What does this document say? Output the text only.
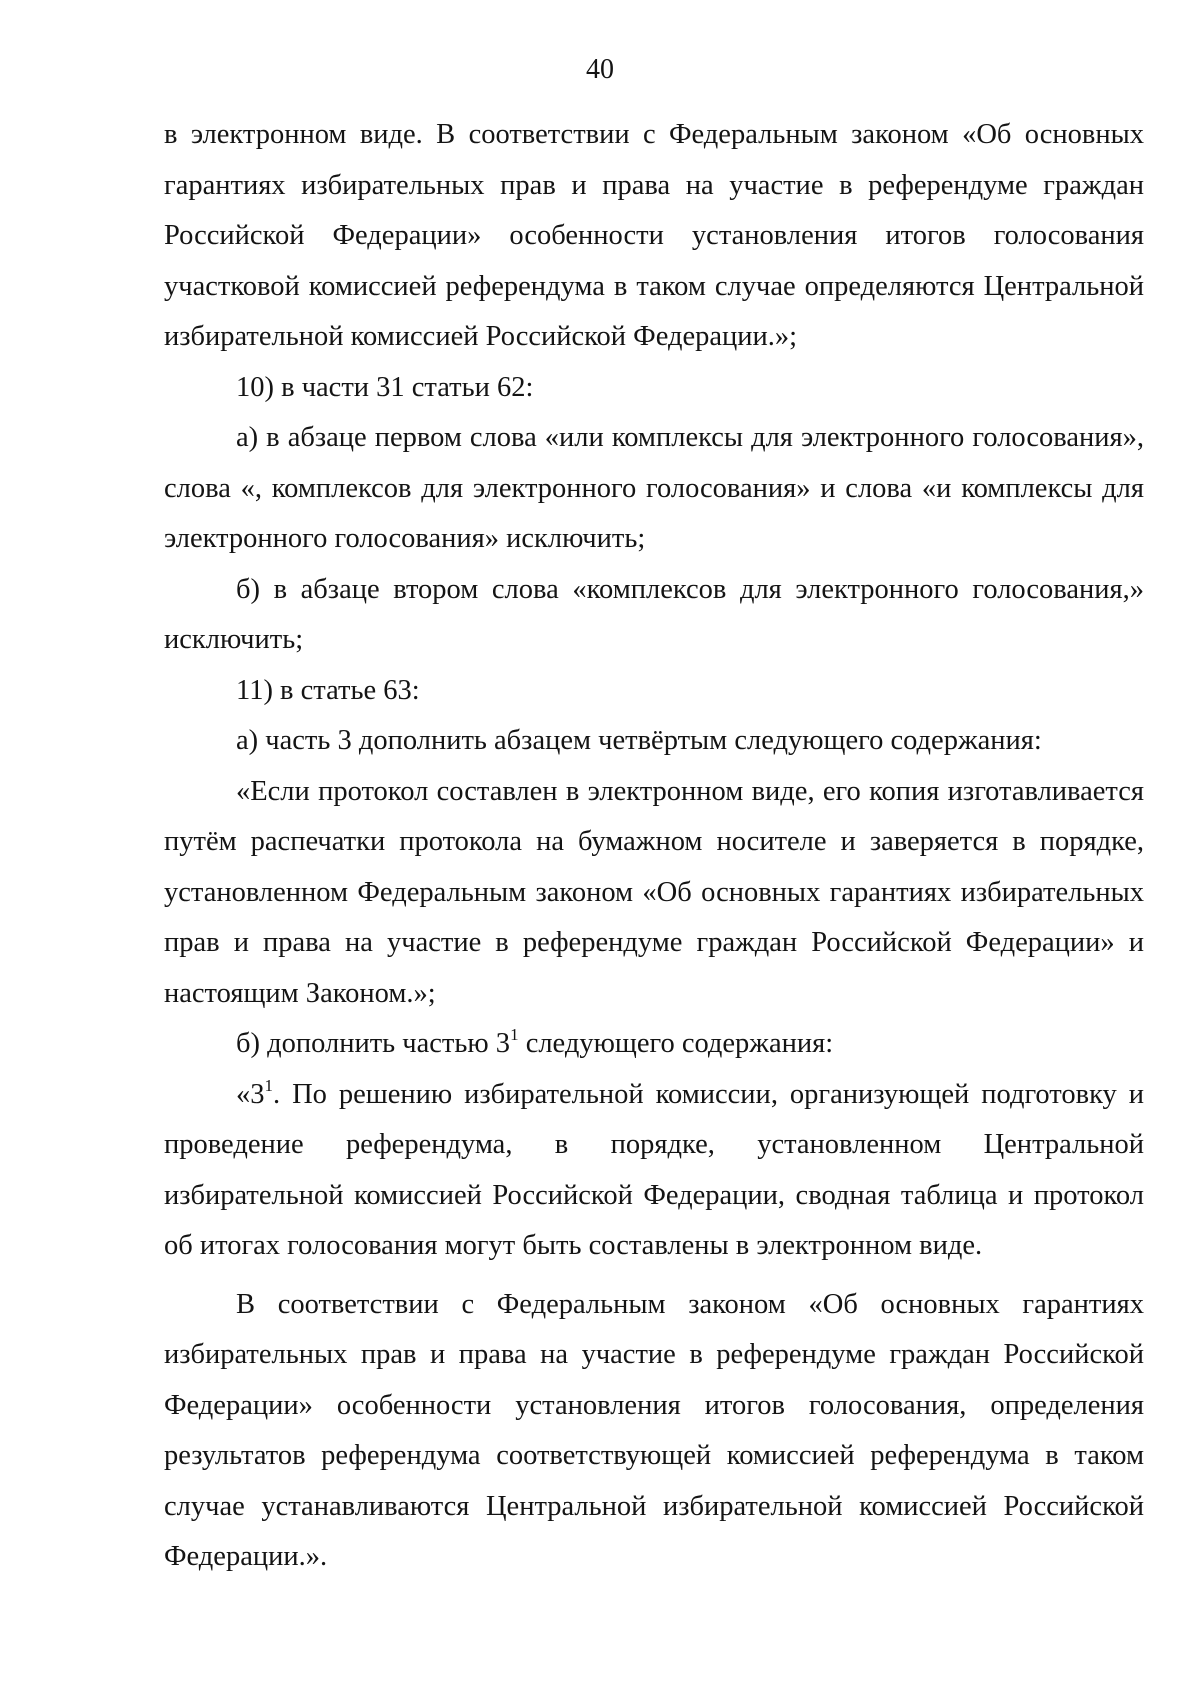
40

в электронном виде. В соответствии с Федеральным законом «Об основных гарантиях избирательных прав и права на участие в референдуме граждан Российской Федерации» особенности установления итогов голосования участковой комиссией референдума в таком случае определяются Центральной избирательной комиссией Российской Федерации.»;

10) в части 31 статьи 62:

а) в абзаце первом слова «или комплексы для электронного голосования», слова «, комплексов для электронного голосования» и слова «и комплексы для электронного голосования» исключить;

б) в абзаце втором слова «комплексов для электронного голосования,» исключить;

11) в статье 63:

а) часть 3 дополнить абзацем четвёртым следующего содержания:

«Если протокол составлен в электронном виде, его копия изготавливается путём распечатки протокола на бумажном носителе и заверяется в порядке, установленном Федеральным законом «Об основных гарантиях избирательных прав и права на участие в референдуме граждан Российской Федерации» и настоящим Законом.»;

б) дополнить частью $3^1$ следующего содержания:

«$3^1$. По решению избирательной комиссии, организующей подготовку и проведение референдума, в порядке, установленном Центральной избирательной комиссией Российской Федерации, сводная таблица и протокол об итогах голосования могут быть составлены в электронном виде.

В соответствии с Федеральным законом «Об основных гарантиях избирательных прав и права на участие в референдуме граждан Российской Федерации» особенности установления итогов голосования, определения результатов референдума соответствующей комиссией референдума в таком случае устанавливаются Центральной избирательной комиссией Российской Федерации.».
